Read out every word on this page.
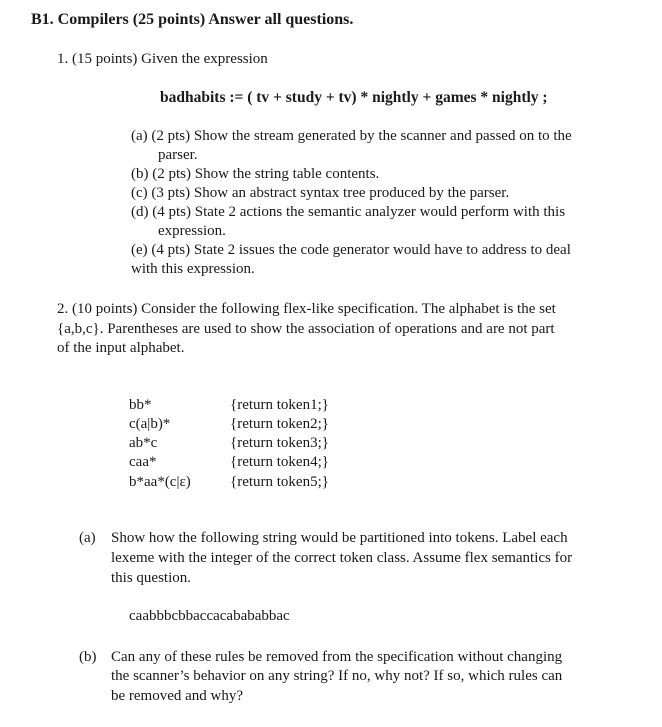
B1. Compilers (25 points) Answer all questions.
1. (15 points) Given the expression
badhabits := ( tv + study + tv) * nightly + games * nightly ;
(a) (2 pts) Show the stream generated by the scanner and passed on to the
parser.
(b) (2 pts) Show the string table contents.
(c) (3 pts) Show an abstract syntax tree produced by the parser.
(d) (4 pts) State 2 actions the semantic analyzer would perform with this
expression.
(e) (4 pts) State 2 issues the code generator would have to address to deal
with this expression.
2. (10 points) Consider the following flex-like specification. The alphabet is the set
{a,b,c}. Parentheses are used to show the association of operations and are not part
of the input alphabet.
bb*	{return token1;}
c(a|b)*	{return token2;}
ab*c	{return token3;}
caa*	{return token4;}
b*aa*(c|ε)	{return token5;}
(a) Show how the following string would be partitioned into tokens. Label each
lexeme with the integer of the correct token class. Assume flex semantics for
this question.
caabbbcbbaccacabababbac
(b) Can any of these rules be removed from the specification without changing
the scanner’s behavior on any string? If no, why not? If so, which rules can
be removed and why?
